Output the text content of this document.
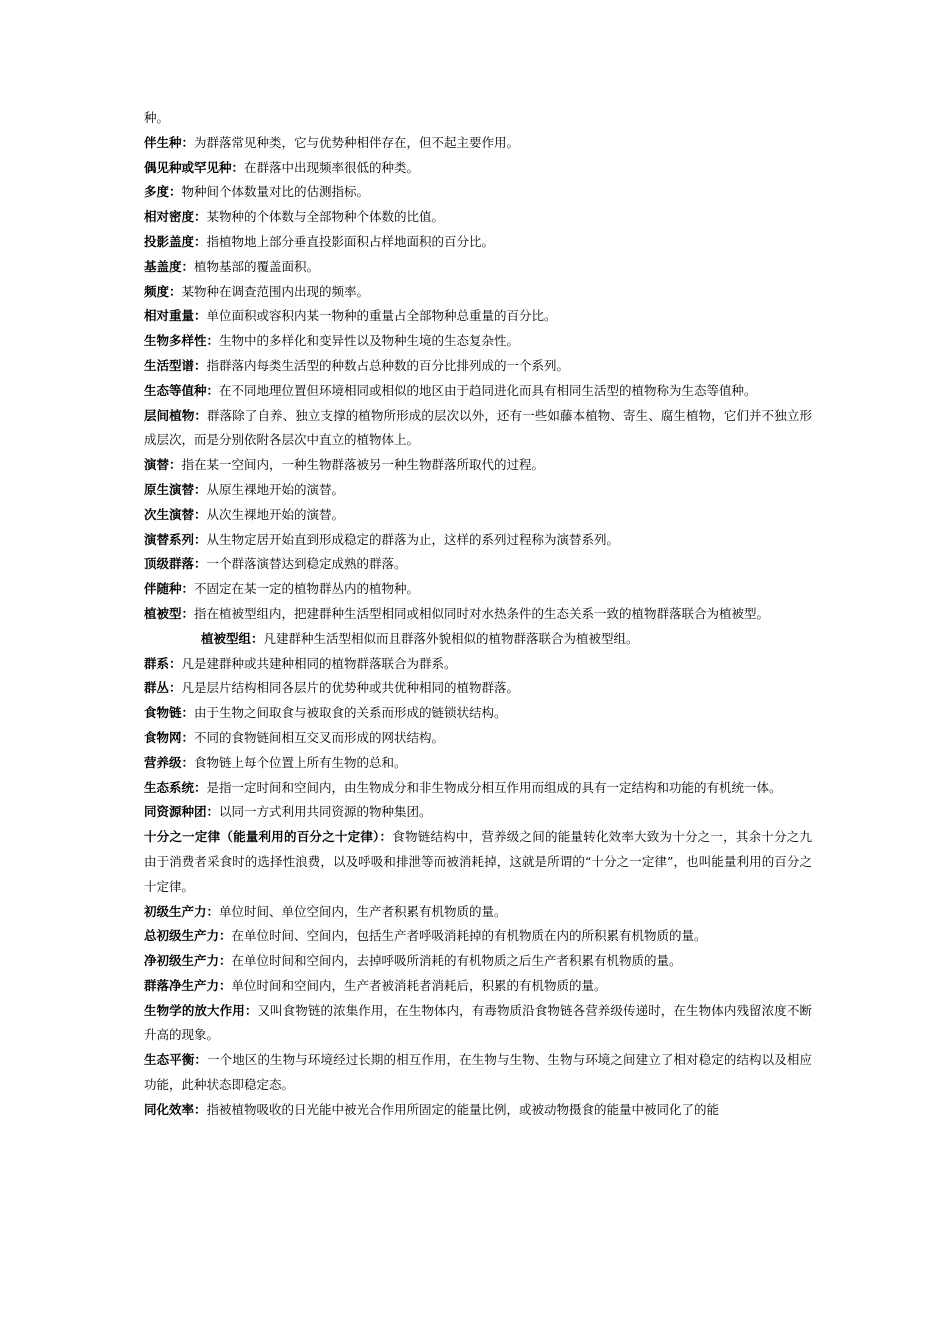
种。

伴生种：为群落常见种类，它与优势种相伴存在，但不起主要作用。

偶见种或罕见种：在群落中出现频率很低的种类。

多度：物种间个体数量对比的估测指标。

相对密度：某物种的个体数与全部物种个体数的比值。

投影盖度：指植物地上部分垂直投影面积占样地面积的百分比。

基盖度：植物基部的覆盖面积。

频度：某物种在调查范围内出现的频率。

相对重量：单位面积或容积内某一物种的重量占全部物种总重量的百分比。

生物多样性：生物中的多样化和变异性以及物种生境的生态复杂性。

生活型谱：指群落内每类生活型的种数占总种数的百分比排列成的一个系列。

生态等值种：在不同地理位置但环境相同或相似的地区由于趋同进化而具有相同生活型的植物称为生态等值种。

层间植物：群落除了自养、独立支撑的植物所形成的层次以外，还有一些如藤本植物、寄生、腐生植物，它们并不独立形成层次，而是分别依附各层次中直立的植物体上。

演替：指在某一空间内，一种生物群落被另一种生物群落所取代的过程。

原生演替：从原生裸地开始的演替。

次生演替：从次生裸地开始的演替。

演替系列：从生物定居开始直到形成稳定的群落为止，这样的系列过程称为演替系列。

顶级群落：一个群落演替达到稳定成熟的群落。

伴随种：不固定在某一定的植物群丛内的植物种。

植被型：指在植被型组内，把建群种生活型相同或相似同时对水热条件的生态关系一致的植物群落联合为植被型。

植被型组：凡建群种生活型相似而且群落外貌相似的植物群落联合为植被型组。

群系：凡是建群种或共建种相同的植物群落联合为群系。

群丛：凡是层片结构相同各层片的优势种或共优种相同的植物群落。

食物链：由于生物之间取食与被取食的关系而形成的链锁状结构。

食物网：不同的食物链间相互交叉而形成的网状结构。

营养级：食物链上每个位置上所有生物的总和。

生态系统：是指一定时间和空间内，由生物成分和非生物成分相互作用而组成的具有一定结构和功能的有机统一体。

同资源种团：以同一方式利用共同资源的物种集团。

十分之一定律（能量利用的百分之十定律）：食物链结构中，营养级之间的能量转化效率大致为十分之一，其余十分之九由于消费者采食时的选择性浪费，以及呼吸和排泄等而被消耗掉，这就是所谓的“十分之一定律”，也叫能量利用的百分之十定律。

初级生产力：单位时间、单位空间内，生产者积累有机物质的量。

总初级生产力：在单位时间、空间内，包括生产者呼吸消耗掉的有机物质在内的所积累有机物质的量。

净初级生产力：在单位时间和空间内，去掉呼吸所消耗的有机物质之后生产者积累有机物质的量。

群落净生产力：单位时间和空间内，生产者被消耗者消耗后，积累的有机物质的量。

生物学的放大作用：又叫食物链的浓集作用，在生物体内，有毒物质沿食物链各营养级传递时，在生物体内残留浓度不断升高的现象。

生态平衡：一个地区的生物与环境经过长期的相互作用，在生物与生物、生物与环境之间建立了相对稳定的结构以及相应功能，此种状态即稳定态。

同化效率：指被植物吸收的日光能中被光合作用所固定的能量比例，或被动物摄食的能量中被同化了的能
